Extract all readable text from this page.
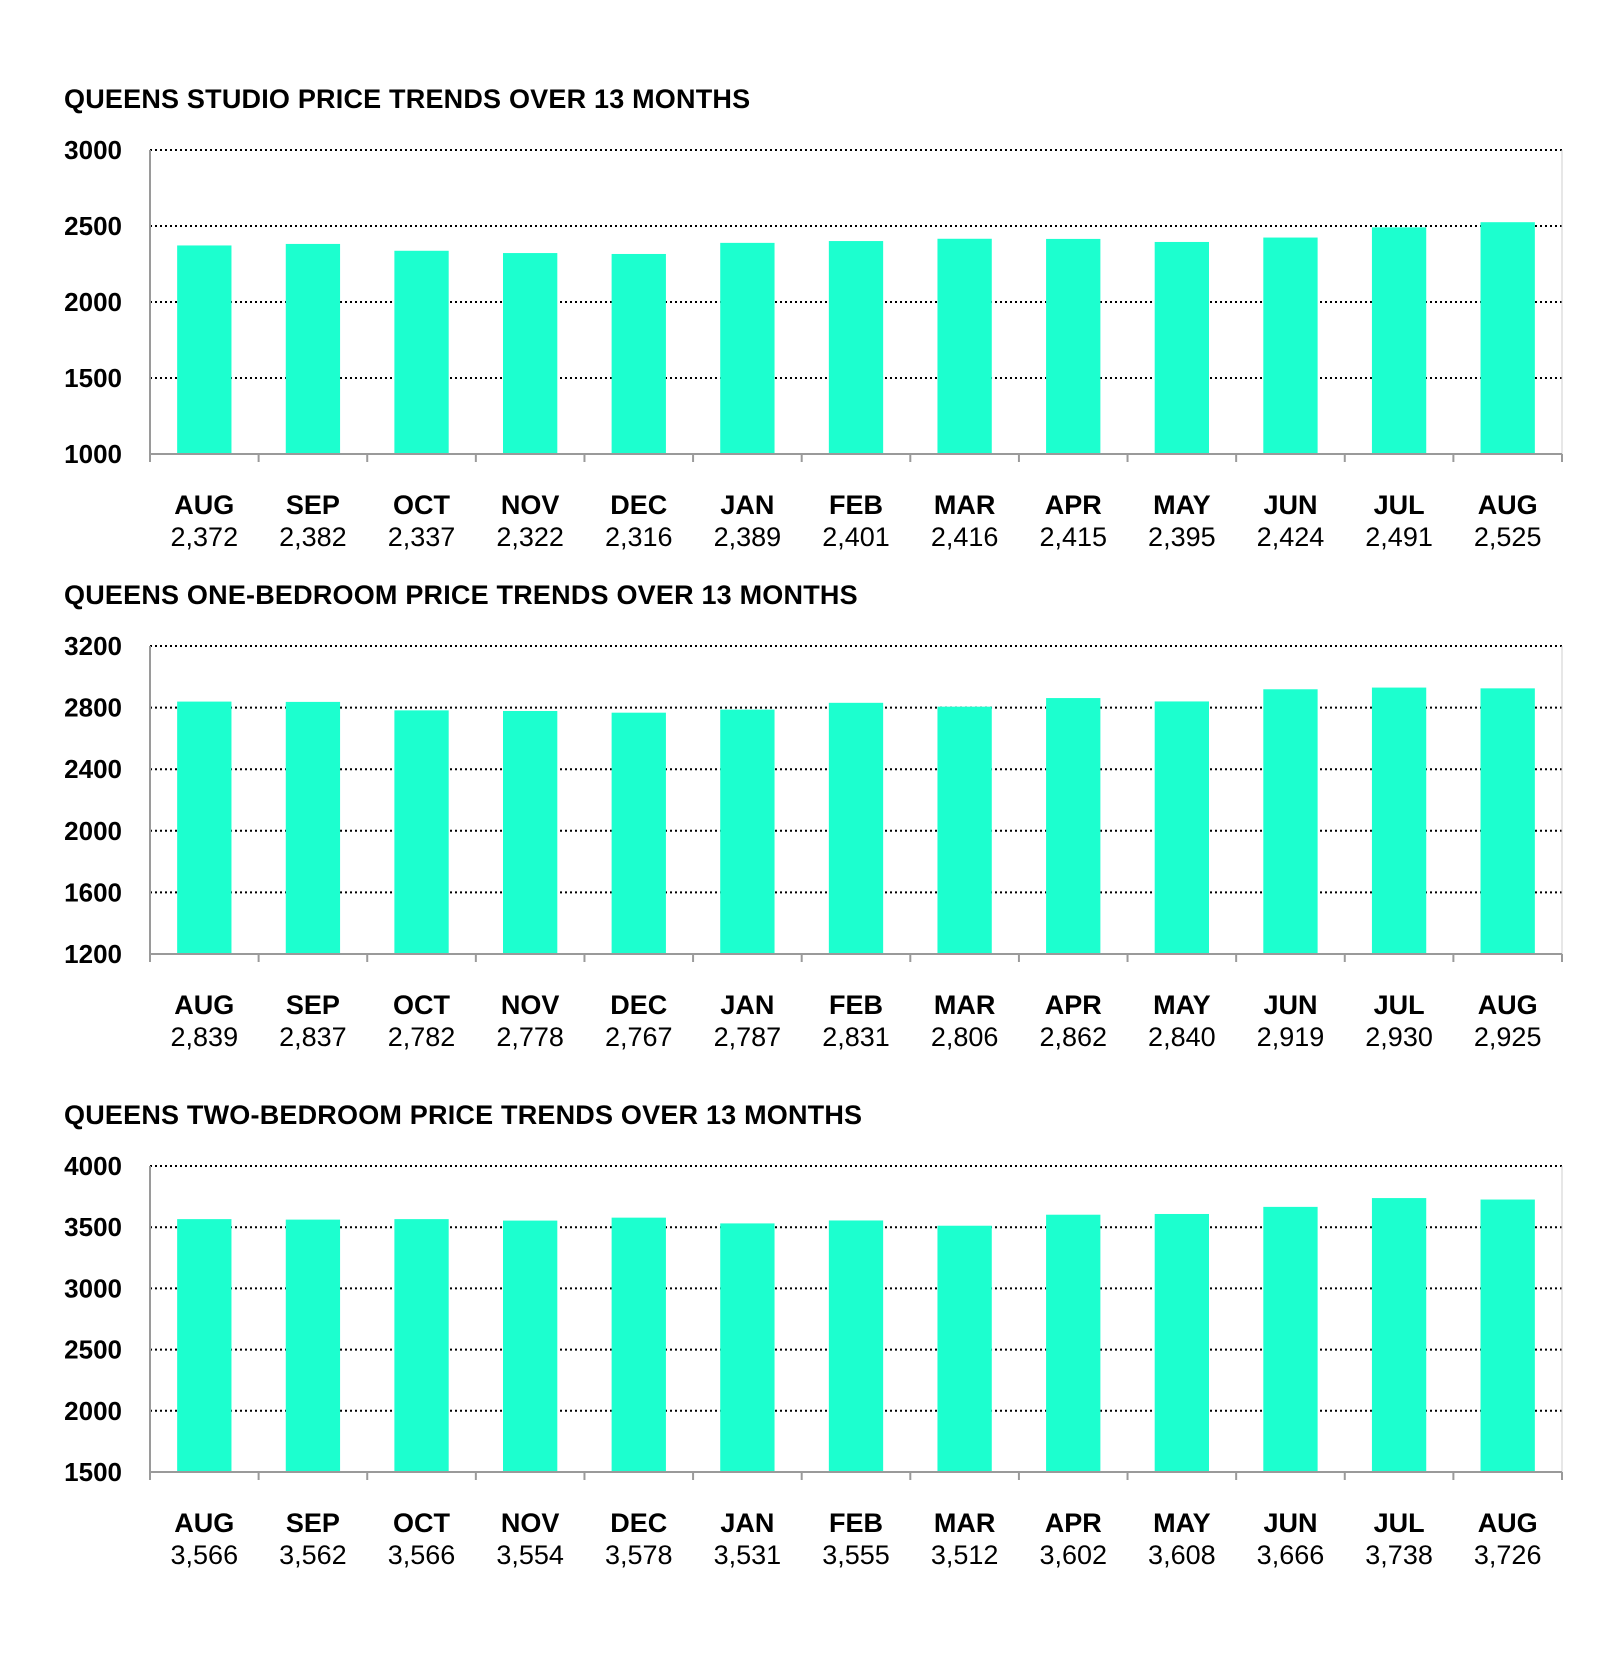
QUEENS STUDIO PRICE TRENDS OVER 13 MONTHS
1000
1500
2000
2500
3000
AUG
2,372
SEP
2,382
OCT
2,337
NOV
2,322
DEC
2,316
JAN
2,389
FEB
2,401
MAR
2,416
APR
2,415
MAY
2,395
JUN
2,424
JUL
2,491
AUG
2,525
QUEENS ONE-BEDROOM PRICE TRENDS OVER 13 MONTHS
1200
1600
2000
2400
2800
3200
AUG
2,839
SEP
2,837
OCT
2,782
NOV
2,778
DEC
2,767
JAN
2,787
FEB
2,831
MAR
2,806
APR
2,862
MAY
2,840
JUN
2,919
JUL
2,930
AUG
2,925
QUEENS TWO-BEDROOM PRICE TRENDS OVER 13 MONTHS
1500
2000
2500
3000
3500
4000
AUG
3,566
SEP
3,562
OCT
3,566
NOV
3,554
DEC
3,578
JAN
3,531
FEB
3,555
MAR
3,512
APR
3,602
MAY
3,608
JUN
3,666
JUL
3,738
AUG
3,726
